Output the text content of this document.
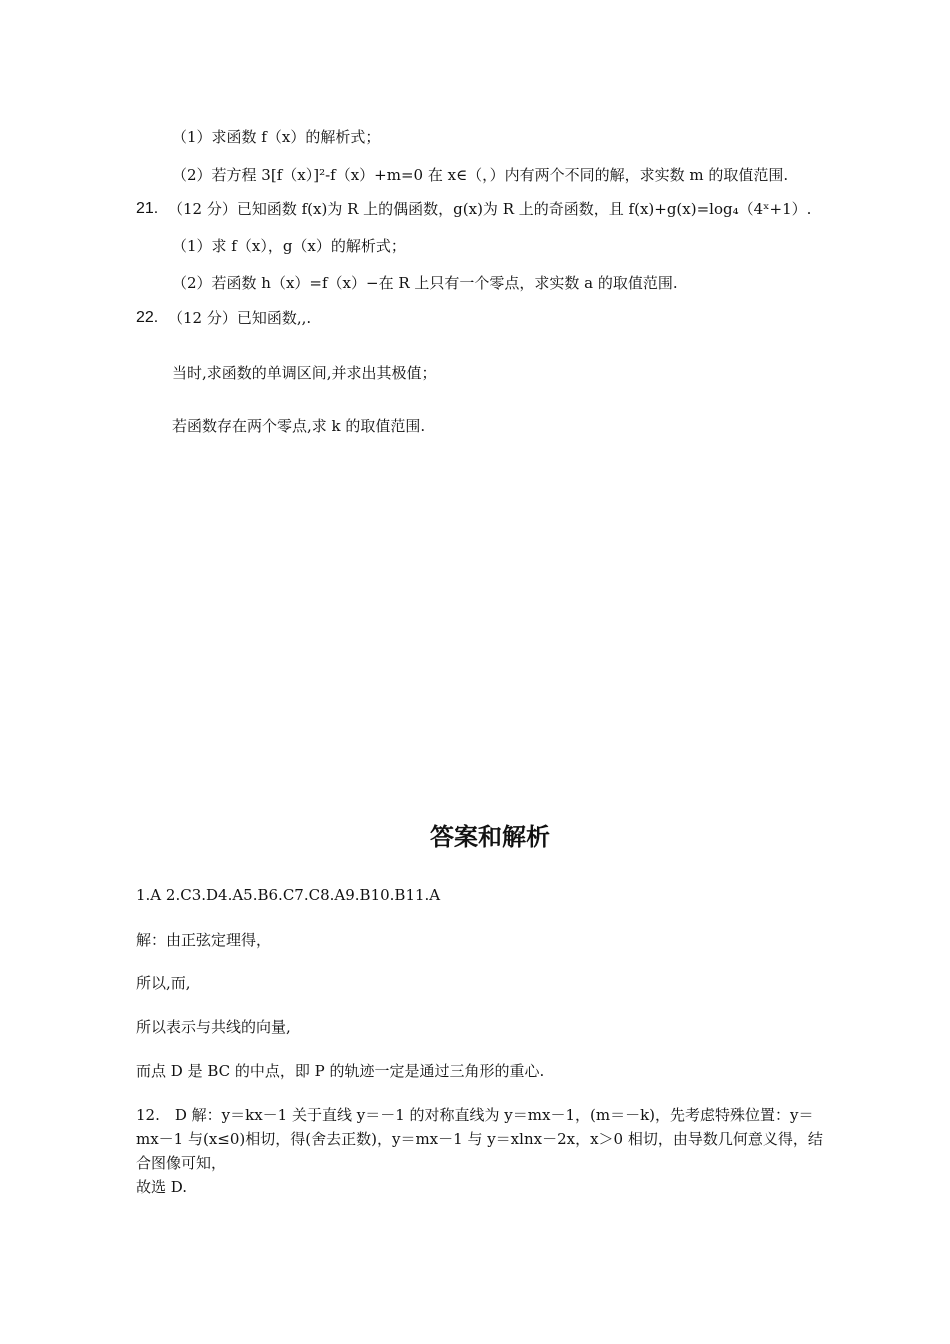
（1）求函数 f（x）的解析式；
（2）若方程 3[f（x）]²-f（x）+m=0 在 x∈（，）内有两个不同的解，求实数 m 的取值范围.
21. （12 分）已知函数 f(x)为 R 上的偶函数，g(x)为 R 上的奇函数，且 f(x)+g(x)=log₄（4ˣ+1）.
（1）求 f（x），g（x）的解析式；
（2）若函数 h（x）=f（x）−在 R 上只有一个零点，求实数 a 的取值范围.
22. （12 分）已知函数,,.
当时,求函数的单调区间,并求出其极值；
若函数存在两个零点,求 k 的取值范围.
答案和解析
1.A 2.C3.D4.A5.B6.C7.C8.A9.B10.B11.A
解：由正弦定理得，
所以,而,
所以表示与共线的向量,
而点 D 是 BC 的中点，即 P 的轨迹一定是通过三角形的重心.
12.　D 解：y＝kx－1 关于直线 y＝－1 的对称直线为 y＝mx－1，(m＝－k)，先考虑特殊位置：y＝
mx－1 与(x≤0)相切，得(舍去正数)，y＝mx－1 与 y＝xlnx－2x，x＞0 相切，由导数几何意义得，结
合图像可知，
故选 D.
